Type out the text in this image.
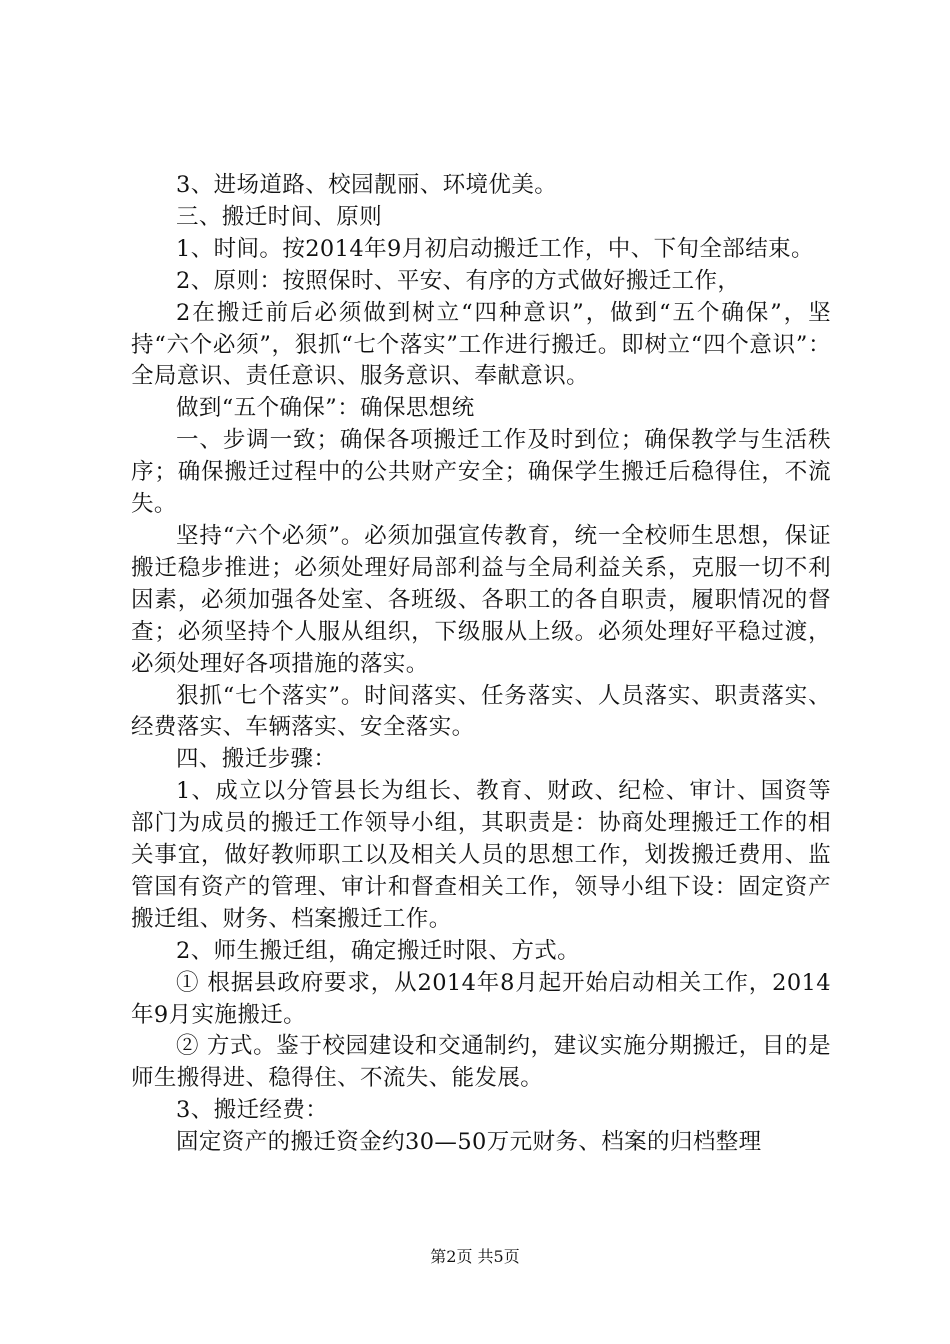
3、进场道路、校园靓丽、环境优美。

三、搬迁时间、原则

1、时间。按2014年9月初启动搬迁工作，中、下旬全部结束。

2、原则：按照保时、平安、有序的方式做好搬迁工作，

2在搬迁前后必须做到树立“四种意识”，做到“五个确保”，坚持“六个必须”，狠抓“七个落实”工作进行搬迁。即树立“四个意识”：全局意识、责任意识、服务意识、奉献意识。

做到“五个确保”：确保思想统

一、步调一致；确保各项搬迁工作及时到位；确保教学与生活秩序；确保搬迁过程中的公共财产安全；确保学生搬迁后稳得住，不流失。

坚持“六个必须”。必须加强宣传教育，统一全校师生思想，保证搬迁稳步推进；必须处理好局部利益与全局利益关系，克服一切不利因素，必须加强各处室、各班级、各职工的各自职责，履职情况的督查；必须坚持个人服从组织，下级服从上级。必须处理好平稳过渡，必须处理好各项措施的落实。

狠抓“七个落实”。时间落实、任务落实、人员落实、职责落实、经费落实、车辆落实、安全落实。

四、搬迁步骤：

1、成立以分管县长为组长、教育、财政、纪检、审计、国资等部门为成员的搬迁工作领导小组，其职责是：协商处理搬迁工作的相关事宜，做好教师职工以及相关人员的思想工作，划拨搬迁费用、监管国有资产的管理、审计和督查相关工作，领导小组下设：固定资产搬迁组、财务、档案搬迁工作。

2、师生搬迁组，确定搬迁时限、方式。

① 根据县政府要求，从2014年8月起开始启动相关工作，2014年9月实施搬迁。

② 方式。鉴于校园建设和交通制约，建议实施分期搬迁，目的是师生搬得进、稳得住、不流失、能发展。

3、搬迁经费：

固定资产的搬迁资金约30—50万元财务、档案的归档整理

第2页 共5页
